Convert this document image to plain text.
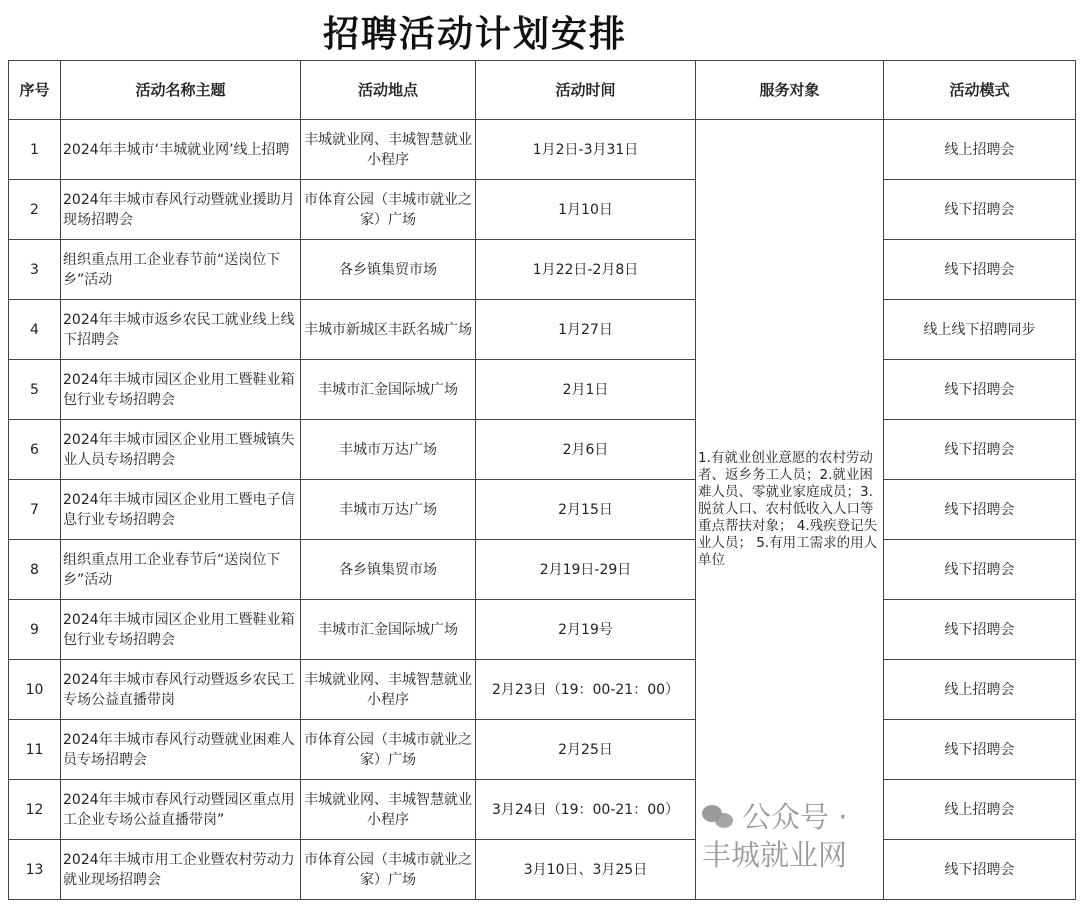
招聘活动计划安排
序号	活动名称主题	活动地点	活动时间	服务对象	活动模式
1	2024年丰城市‘丰城就业网’线上招聘	丰城就业网、丰城智慧就业小程序	1月2日-3月31日	1.有就业创业意愿的农村劳动者、返乡务工人员；2.就业困难人员、零就业家庭成员；3.脱贫人口、农村低收入人口等重点帮扶对象； 4.残疾登记失业人员； 5.有用工需求的用人单位	线上招聘会
2	2024年丰城市春风行动暨就业援助月现场招聘会	市体育公园（丰城市就业之家）广场	1月10日		线下招聘会
3	组织重点用工企业春节前“送岗位下乡”活动	各乡镇集贸市场	1月22日-2月8日		线下招聘会
4	2024年丰城市返乡农民工就业线上线下招聘会	丰城市新城区丰跃名城广场	1月27日		线上线下招聘同步
5	2024年丰城市园区企业用工暨鞋业箱包行业专场招聘会	丰城市汇金国际城广场	2月1日		线下招聘会
6	2024年丰城市园区企业用工暨城镇失业人员专场招聘会	丰城市万达广场	2月6日		线下招聘会
7	2024年丰城市园区企业用工暨电子信息行业专场招聘会	丰城市万达广场	2月15日		线下招聘会
8	组织重点用工企业春节后“送岗位下乡”活动	各乡镇集贸市场	2月19日-29日		线下招聘会
9	2024年丰城市园区企业用工暨鞋业箱包行业专场招聘会	丰城市汇金国际城广场	2月19号		线下招聘会
10	2024年丰城市春风行动暨返乡农民工专场公益直播带岗	丰城就业网、丰城智慧就业小程序	2月23日（19：00-21：00）		线上招聘会
11	2024年丰城市春风行动暨就业困难人员专场招聘会	市体育公园（丰城市就业之家）广场	2月25日		线下招聘会
12	2024年丰城市春风行动暨园区重点用工企业专场公益直播带岗”	丰城就业网、丰城智慧就业小程序	3月24日（19：00-21：00）		线上招聘会
13	2024年丰城市用工企业暨农村劳动力就业现场招聘会	市体育公园（丰城市就业之家）广场	3月10日、3月25日		线下招聘会
公众号 · 丰城就业网
